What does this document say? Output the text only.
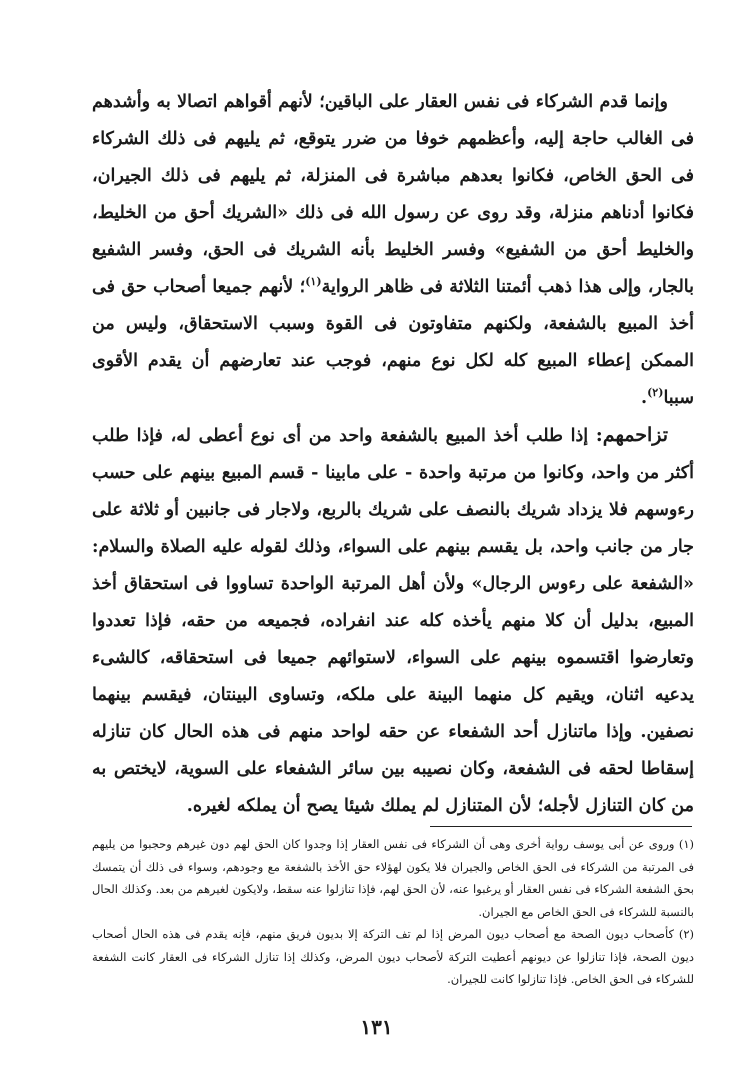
وإنما قدم الشركاء فى نفس العقار على الباقين؛ لأنهم أقواهم اتصالا به وأشدهم فى الغالب حاجة إليه، وأعظمهم خوفا من ضرر يتوقع، ثم يليهم فى ذلك الشركاء فى الحق الخاص، فكانوا بعدهم مباشرة فى المنزلة، ثم يليهم فى ذلك الجيران، فكانوا أدناهم منزلة، وقد روى عن رسول الله فى ذلك «الشريك أحق من الخليط، والخليط أحق من الشفيع» وفسر الخليط بأنه الشريك فى الحق، وفسر الشفيع بالجار، وإلى هذا ذهب أئمتنا الثلاثة فى ظاهر الرواية$^{(١)}$؛ لأنهم جميعا أصحاب حق فى أخذ المبيع بالشفعة، ولكنهم متفاوتون فى القوة وسبب الاستحقاق، وليس من الممكن إعطاء المبيع كله لكل نوع منهم، فوجب عند تعارضهم أن يقدم الأقوى سببا$^{(٢)}$.

تزاحمهم: إذا طلب أخذ المبيع بالشفعة واحد من أى نوع أعطى له، فإذا طلب أكثر من واحد، وكانوا من مرتبة واحدة - على مابينا - قسم المبيع بينهم على حسب رءوسهم فلا يزداد شريك بالنصف على شريك بالربع، ولاجار فى جانبين أو ثلاثة على جار من جانب واحد، بل يقسم بينهم على السواء، وذلك لقوله عليه الصلاة والسلام: «الشفعة على رءوس الرجال» ولأن أهل المرتبة الواحدة تساووا فى استحقاق أخذ المبيع، بدليل أن كلا منهم يأخذه كله عند انفراده، فجميعه من حقه، فإذا تعددوا وتعارضوا اقتسموه بينهم على السواء، لاستوائهم جميعا فى استحقاقه، كالشىء يدعيه اثنان، ويقيم كل منهما البينة على ملكه، وتساوى البينتان، فيقسم بينهما نصفين. وإذا ماتنازل أحد الشفعاء عن حقه لواحد منهم فى هذه الحال كان تنازله إسقاطا لحقه فى الشفعة، وكان نصيبه بين سائر الشفعاء على السوية، لايختص به من كان التنازل لأجله؛ لأن المتنازل لم يملك شيئا يصح أن يملكه لغيره.

(١) وروى عن أبى يوسف رواية أخرى وهى أن الشركاء فى نفس العقار إذا وجدوا كان الحق لهم دون غيرهم وحجبوا من يليهم فى المرتبة من الشركاء فى الحق الخاص والجيران فلا يكون لهؤلاء حق الأخذ بالشفعة مع وجودهم، وسواء فى ذلك أن يتمسك بحق الشفعة الشركاء فى نفس العقار أو يرغبوا عنه، لأن الحق لهم، فإذا تنازلوا عنه سقط، ولايكون لغيرهم من بعد. وكذلك الحال بالنسبة للشركاء فى الحق الخاص مع الجيران.

(٢) كأصحاب ديون الصحة مع أصحاب ديون المرض إذا لم تف التركة إلا بديون فريق منهم، فإنه يقدم فى هذه الحال أصحاب ديون الصحة، فإذا تنازلوا عن ديونهم أعطيت التركة لأصحاب ديون المرض، وكذلك إذا تنازل الشركاء فى العقار كانت الشفعة للشركاء فى الحق الخاص. فإذا تنازلوا كانت للجيران.

١٣١
